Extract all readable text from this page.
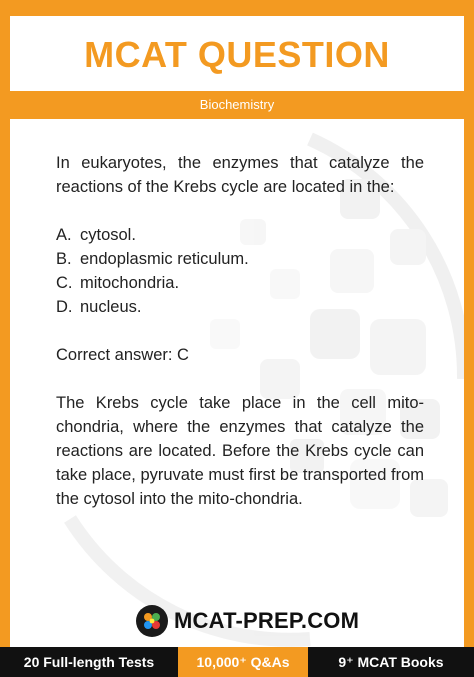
MCAT QUESTION
Biochemistry

In eukaryotes, the enzymes that catalyze the reactions of the Krebs cycle are located in the:

A. cytosol.
B. endoplasmic reticulum.
C. mitochondria.
D. nucleus.

Correct answer: C

The Krebs cycle take place in the cell mito-chondria, where the enzymes that catalyze the reactions are located. Before the Krebs cycle can take place, pyruvate must first be transported from the cytosol into the mito-chondria.

MCAT-PREP.COM
20 Full-length Tests	10,000⁺ Q&As	9⁺ MCAT Books
